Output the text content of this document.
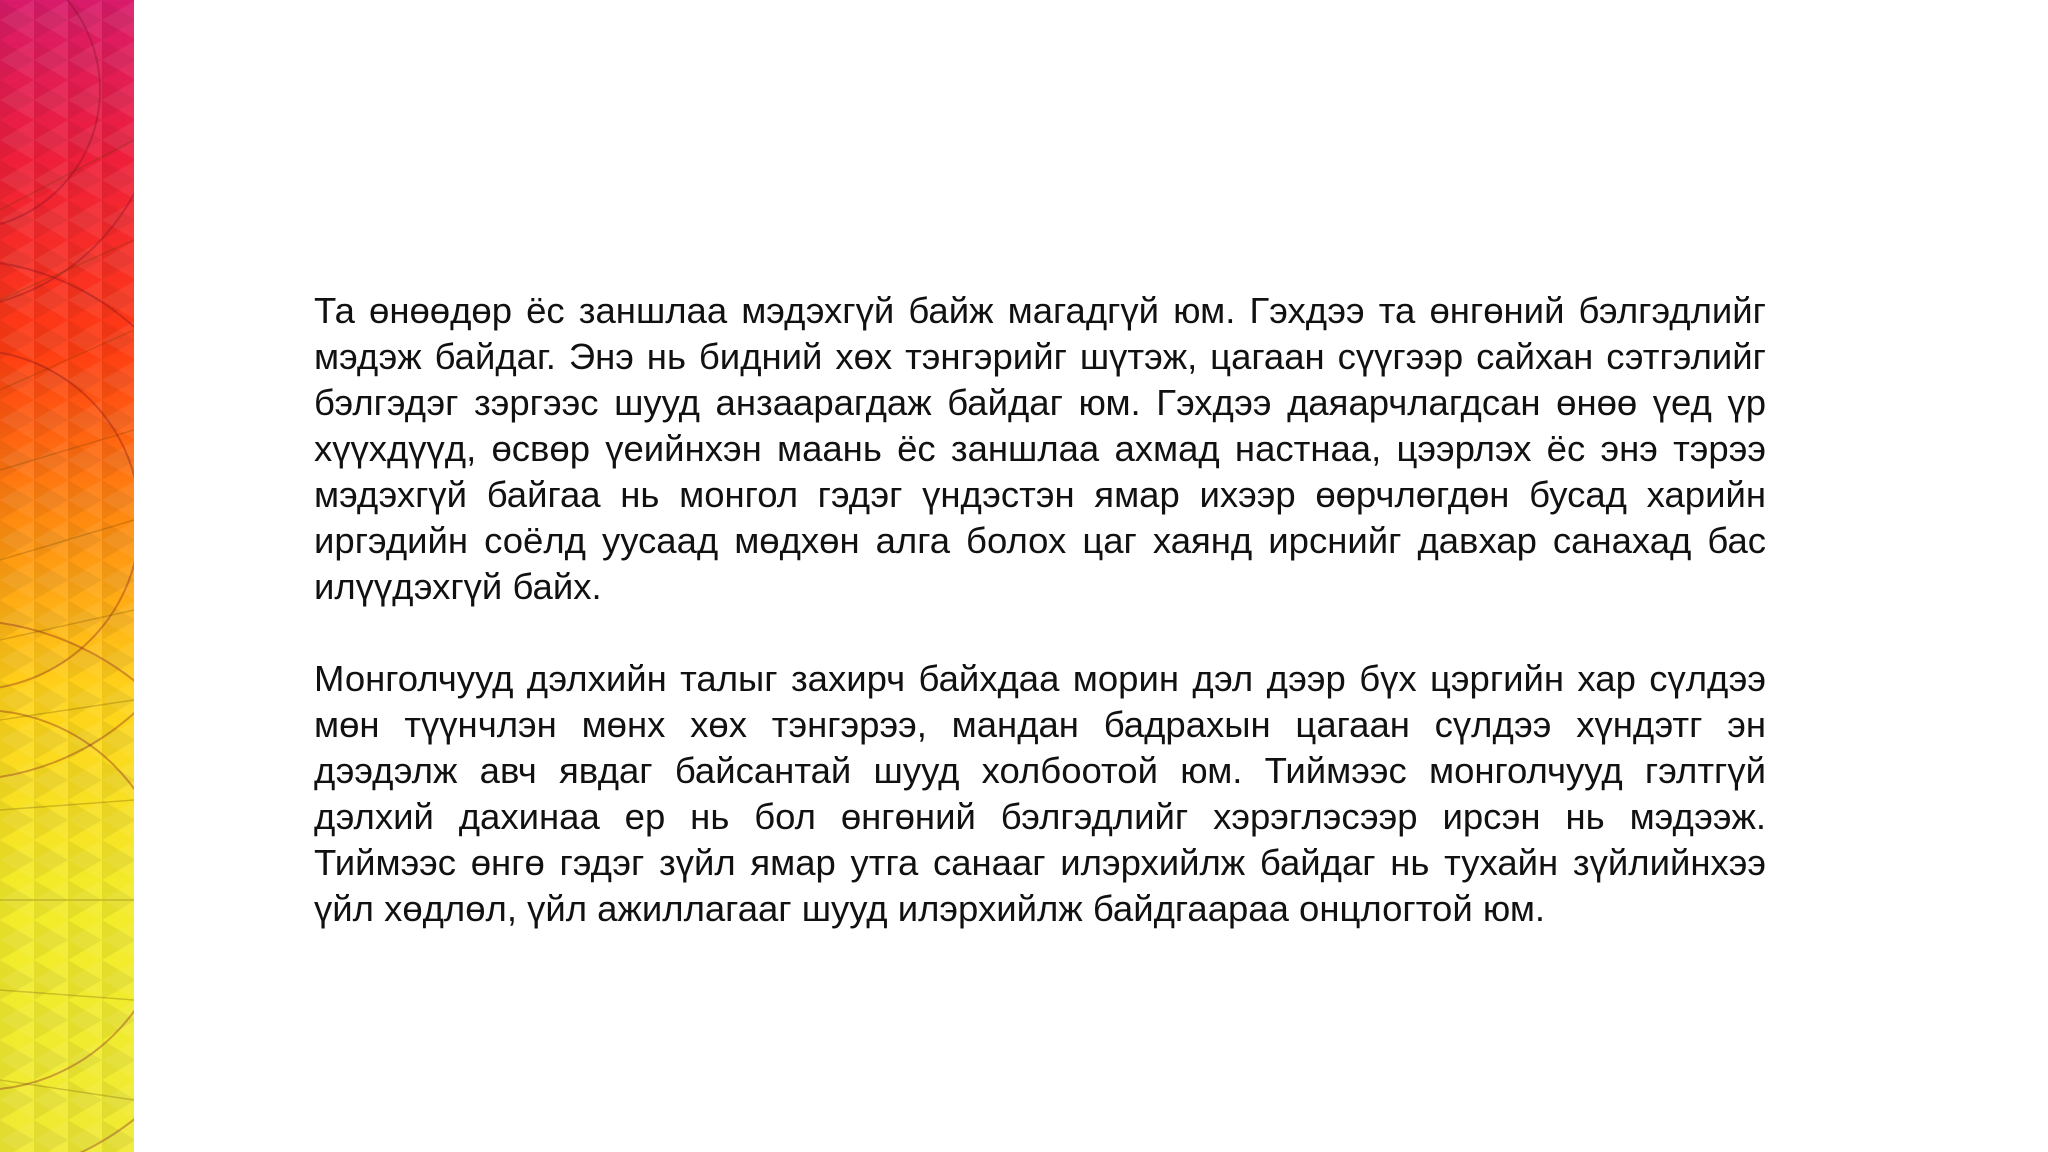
Та өнөөдөр ёс заншлаа мэдэхгүй байж магадгүй юм. Гэхдээ та өнгөний бэлгэдлийг мэдэж байдаг. Энэ нь бидний хөх тэнгэрийг шүтэж, цагаан сүүгээр сайхан сэтгэлийг бэлгэдэг зэргээс шууд анзаарагдаж байдаг юм. Гэхдээ даяарчлагдсан өнөө үед үр хүүхдүүд, өсвөр үеийнхэн маань ёс заншлаа ахмад настнаа, цээрлэх ёс энэ тэрээ мэдэхгүй байгаа нь монгол гэдэг үндэстэн ямар ихээр өөрчлөгдөн бусад харийн иргэдийн соёлд уусаад мөдхөн алга болох цаг хаянд ирснийг давхар санахад бас илүүдэхгүй байх.

Монголчууд дэлхийн талыг захирч байхдаа морин дэл дээр бүх цэргийн хар сүлдээ мөн түүнчлэн мөнх хөх тэнгэрээ, мандан бадрахын цагаан сүлдээ хүндэтг эн дээдэлж авч явдаг байсантай шууд холбоотой юм. Тиймээс монголчууд гэлтгүй дэлхий дахинаа ер нь бол өнгөний бэлгэдлийг хэрэглэсээр ирсэн нь мэдээж. Тиймээс өнгө гэдэг зүйл ямар утга санааг илэрхийлж байдаг нь тухайн зүйлийнхээ үйл хөдлөл, үйл ажиллагааг шууд илэрхийлж байдгаараа онцлогтой юм.
